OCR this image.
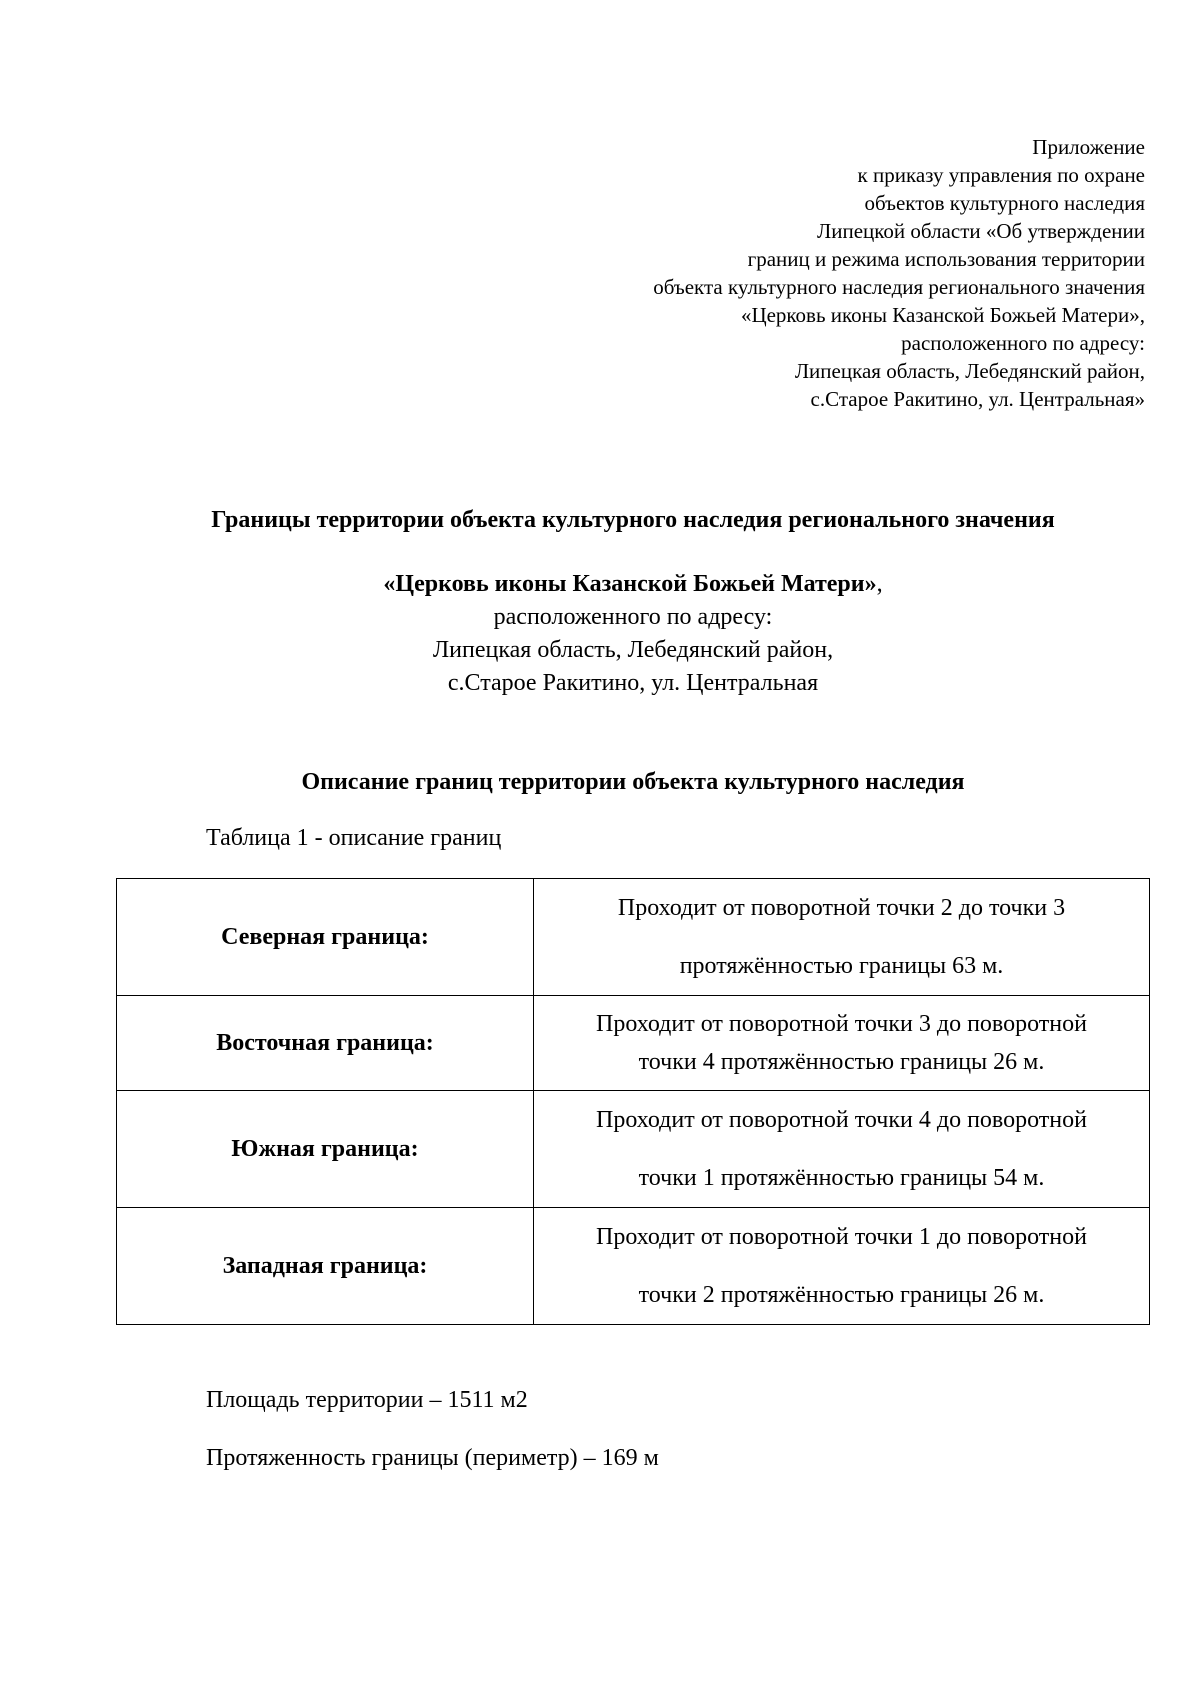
Приложение
к приказу управления по охране
объектов культурного наследия
Липецкой области «Об утверждении
границ и режима использования территории
объекта культурного наследия регионального значения
«Церковь иконы Казанской Божьей Матери»,
расположенного по адресу:
Липецкая область, Лебедянский район,
с.Старое Ракитино, ул. Центральная»
Границы территории объекта культурного наследия регионального значения
«Церковь иконы Казанской Божьей Матери»,
расположенного по адресу:
Липецкая область, Лебедянский район,
с.Старое Ракитино, ул. Центральная
Описание границ территории объекта культурного наследия
Таблица 1 - описание границ
Северная граница:	Проходит от поворотной точки 2 до точки 3
протяжённостью границы 63 м.

Восточная граница:	Проходит от поворотной точки 3 до поворотной
точки 4 протяжённостью границы 26 м.

Южная граница:	Проходит от поворотной точки 4 до поворотной
точки 1 протяжённостью границы 54 м.

Западная граница:	Проходит от поворотной точки 1 до поворотной
точки 2 протяжённостью границы 26 м.
Площадь территории – 1511 м2
Протяженность границы (периметр) – 169 м
